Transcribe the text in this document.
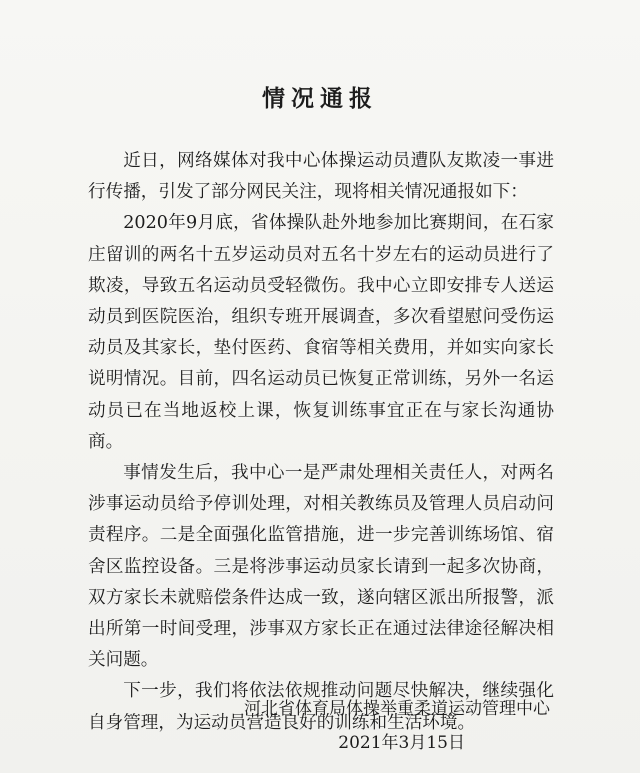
情况通报

近日，网络媒体对我中心体操运动员遭队友欺凌一事进行传播，引发了部分网民关注，现将相关情况通报如下：

2020年9月底，省体操队赴外地参加比赛期间，在石家庄留训的两名十五岁运动员对五名十岁左右的运动员进行了欺凌，导致五名运动员受轻微伤。我中心立即安排专人送运动员到医院医治，组织专班开展调查，多次看望慰问受伤运动员及其家长，垫付医药、食宿等相关费用，并如实向家长说明情况。目前，四名运动员已恢复正常训练，另外一名运动员已在当地返校上课，恢复训练事宜正在与家长沟通协商。

事情发生后，我中心一是严肃处理相关责任人，对两名涉事运动员给予停训处理，对相关教练员及管理人员启动问责程序。二是全面强化监管措施，进一步完善训练场馆、宿舍区监控设备。三是将涉事运动员家长请到一起多次协商，双方家长未就赔偿条件达成一致，遂向辖区派出所报警，派出所第一时间受理，涉事双方家长正在通过法律途径解决相关问题。

下一步，我们将依法依规推动问题尽快解决，继续强化自身管理，为运动员营造良好的训练和生活环境。

河北省体育局体操举重柔道运动管理中心
2021年3月15日
